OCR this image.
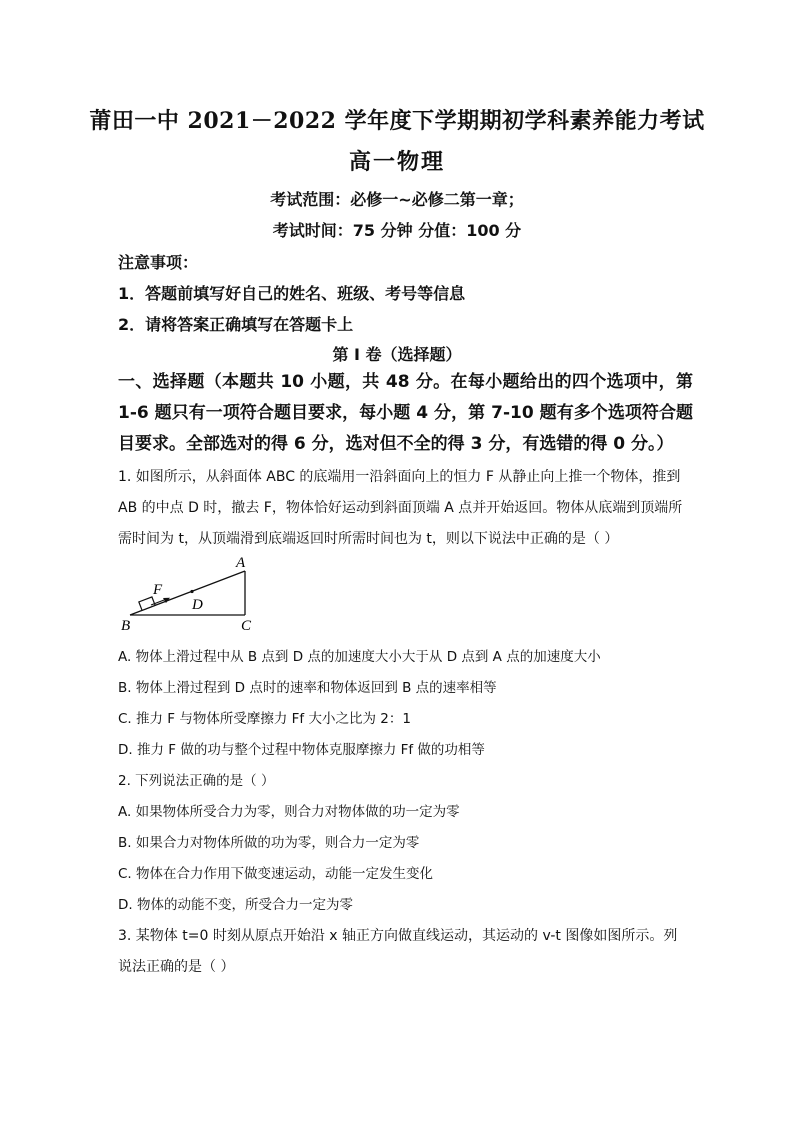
莆田一中 2021－2022 学年度下学期期初学科素养能力考试
高一物理
考试范围：必修一~必修二第一章；
考试时间：75 分钟 分值：100 分
注意事项：
1．答题前填写好自己的姓名、班级、考号等信息
2．请将答案正确填写在答题卡上
第 I 卷（选择题）
一、选择题（本题共 10 小题，共 48 分。在每小题给出的四个选项中，第 1-6 题只有一项符合题目要求，每小题 4 分，第 7-10 题有多个选项符合题目要求。全部选对的得 6 分，选对但不全的得 3 分，有选错的得 0 分。）
1. 如图所示，从斜面体 ABC 的底端用一沿斜面向上的恒力 F 从静止向上推一个物体，推到 AB 的中点 D 时，撤去 F，物体恰好运动到斜面顶端 A 点并开始返回。物体从底端到顶端所需时间为 t，从顶端滑到底端返回时所需时间也为 t，则以下说法中正确的是（ ）
F
D
A
B	C
A. 物体上滑过程中从 B 点到 D 点的加速度大小大于从 D 点到 A 点的加速度大小
B. 物体上滑过程到 D 点时的速率和物体返回到 B 点的速率相等
C. 推力 F 与物体所受摩擦力 Ff 大小之比为 2：1
D. 推力 F 做的功与整个过程中物体克服摩擦力 Ff 做的功相等
2. 下列说法正确的是（ ）
A. 如果物体所受合力为零，则合力对物体做的功一定为零
B. 如果合力对物体所做的功为零，则合力一定为零
C. 物体在合力作用下做变速运动，动能一定发生变化
D. 物体的动能不变，所受合力一定为零
3. 某物体 t=0 时刻从原点开始沿 x 轴正方向做直线运动，其运动的 v-t 图像如图所示。列说法正确的是（ ）
